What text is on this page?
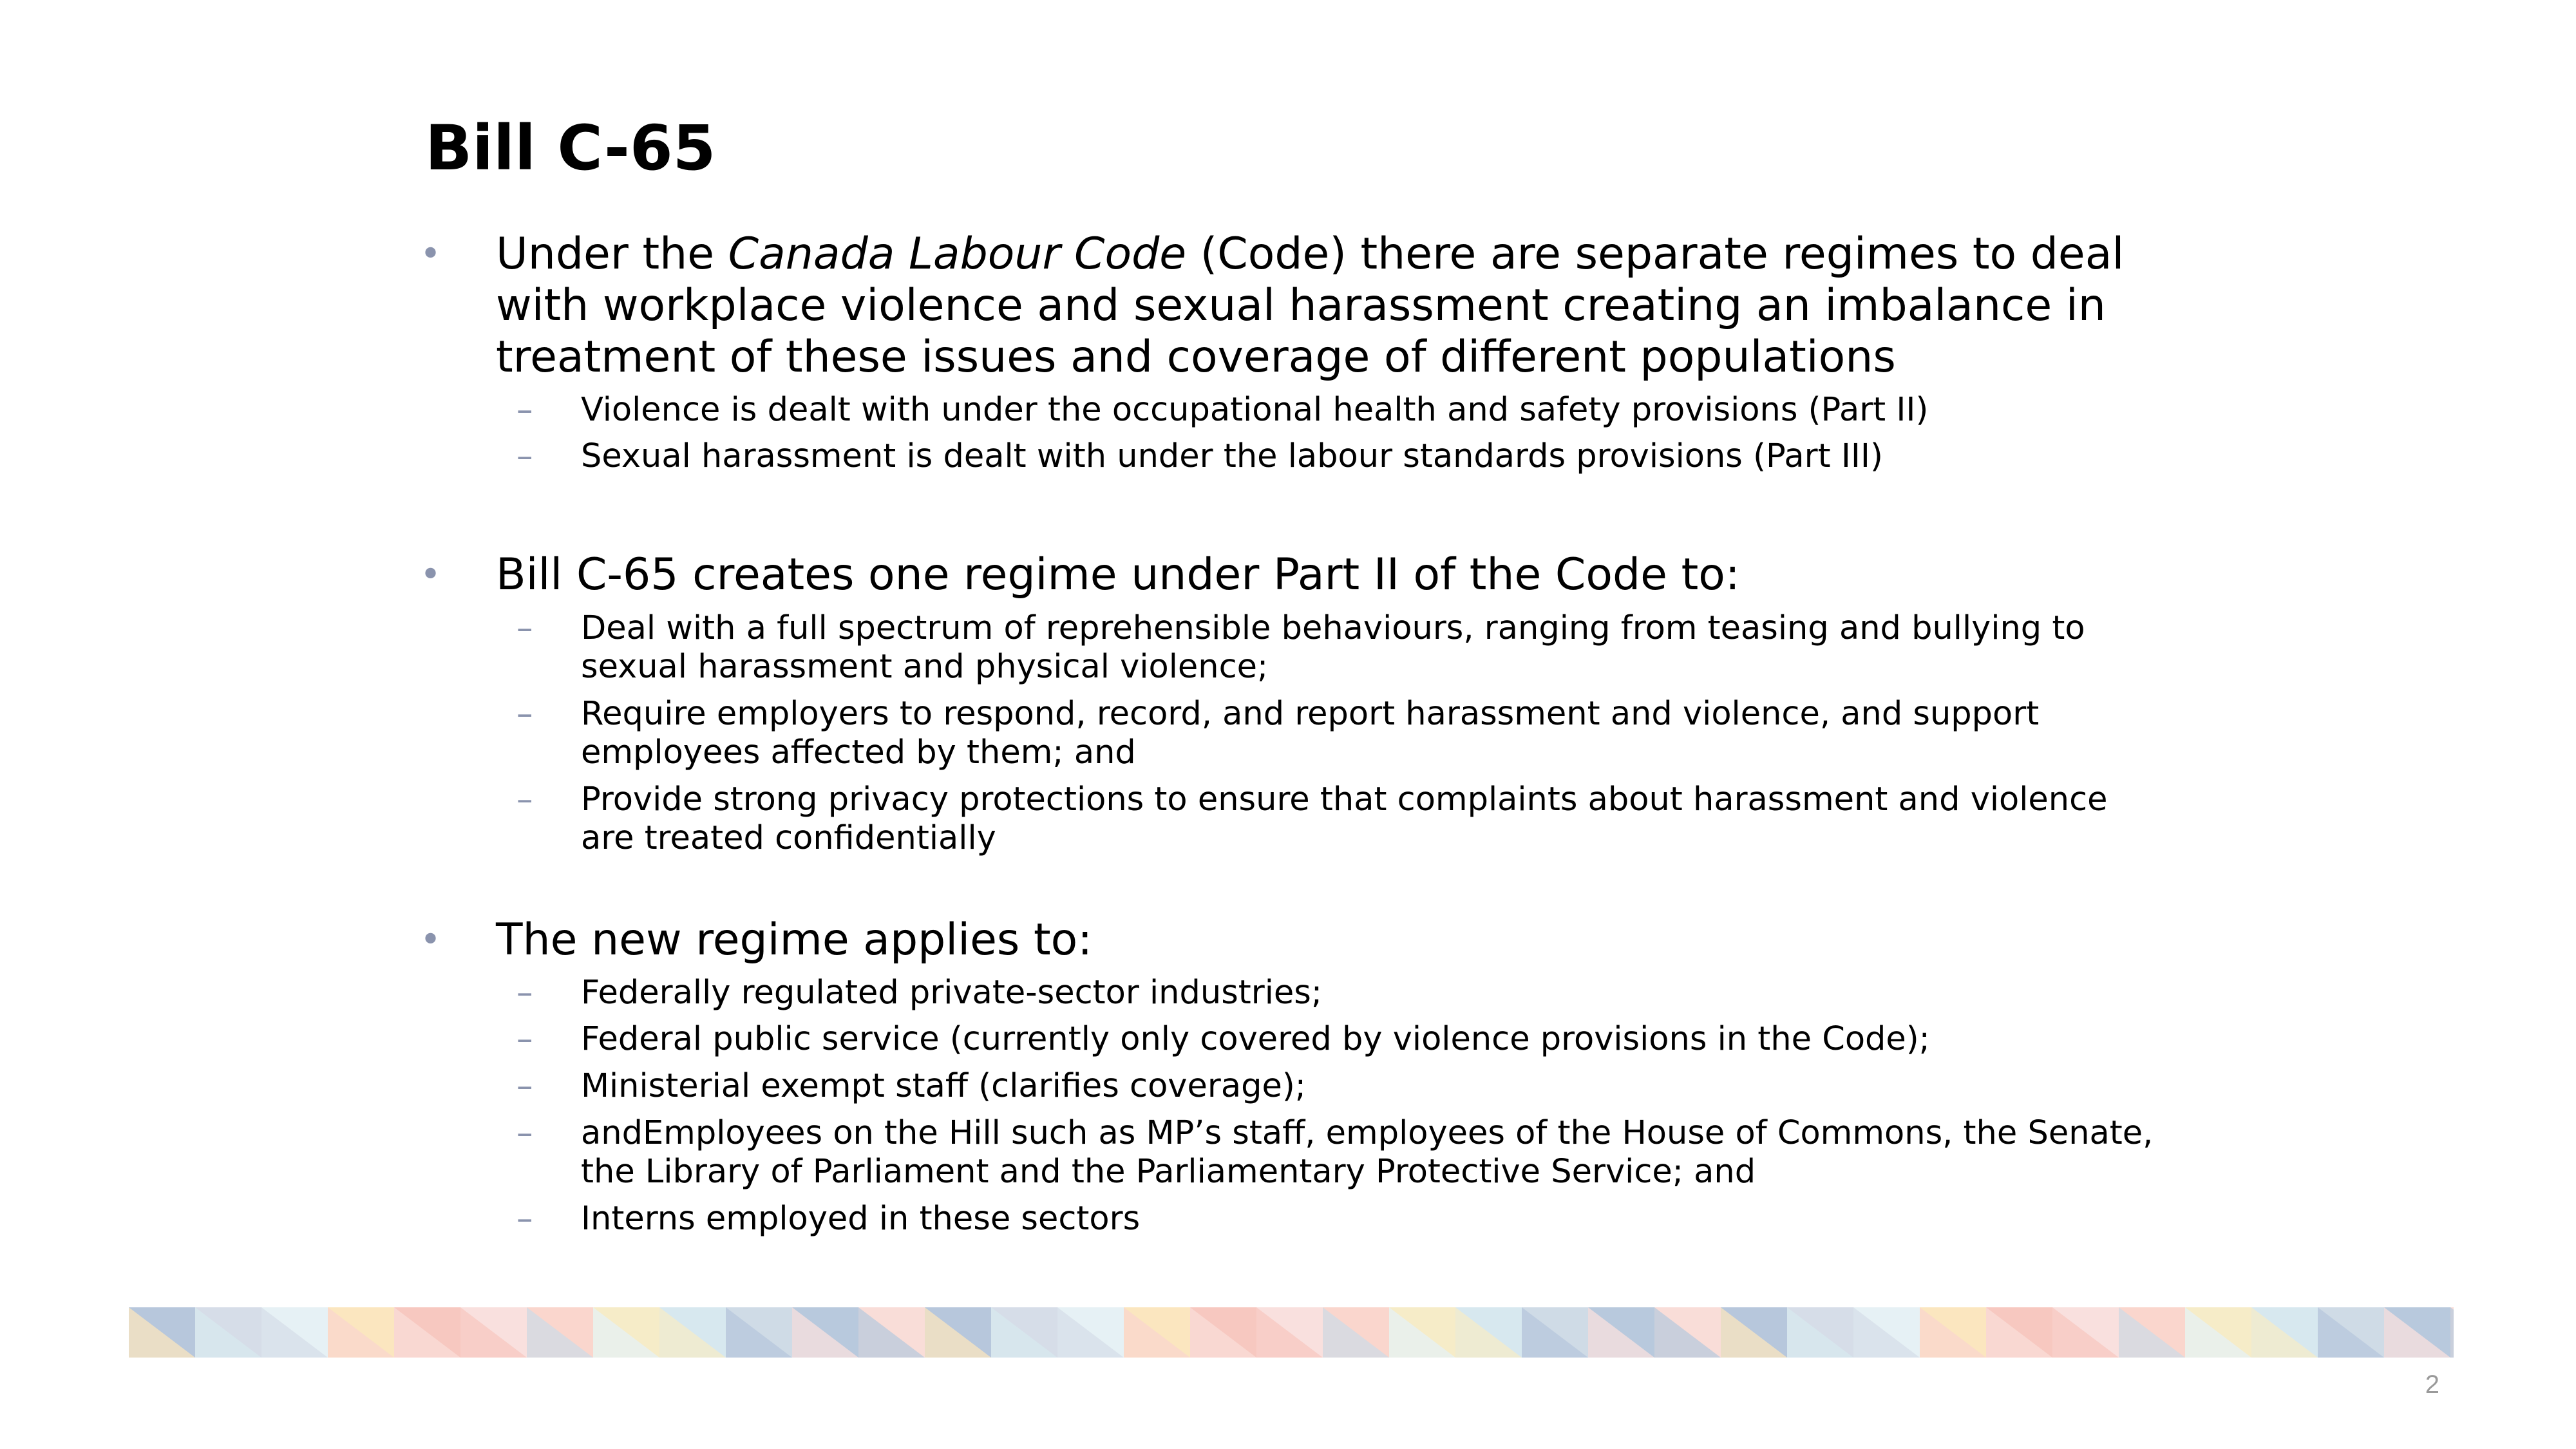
Bill C-65
• Under the Canada Labour Code (Code) there are separate regimes to deal
with workplace violence and sexual harassment creating an imbalance in
treatment of these issues and coverage of different populations
– Violence is dealt with under the occupational health and safety provisions (Part II)
– Sexual harassment is dealt with under the labour standards provisions (Part III)
• Bill C-65 creates one regime under Part II of the Code to:
– Deal with a full spectrum of reprehensible behaviours, ranging from teasing and bullying to
sexual harassment and physical violence;
– Require employers to respond, record, and report harassment and violence, and support
employees affected by them; and
– Provide strong privacy protections to ensure that complaints about harassment and violence
are treated confidentially
• The new regime applies to:
– Federally regulated private-sector industries;
– Federal public service (currently only covered by violence provisions in the Code);
– Ministerial exempt staff (clarifies coverage);
– andEmployees on the Hill such as MP’s staff, employees of the House of Commons, the Senate,
the Library of Parliament and the Parliamentary Protective Service; and
– Interns employed in these sectors
2
